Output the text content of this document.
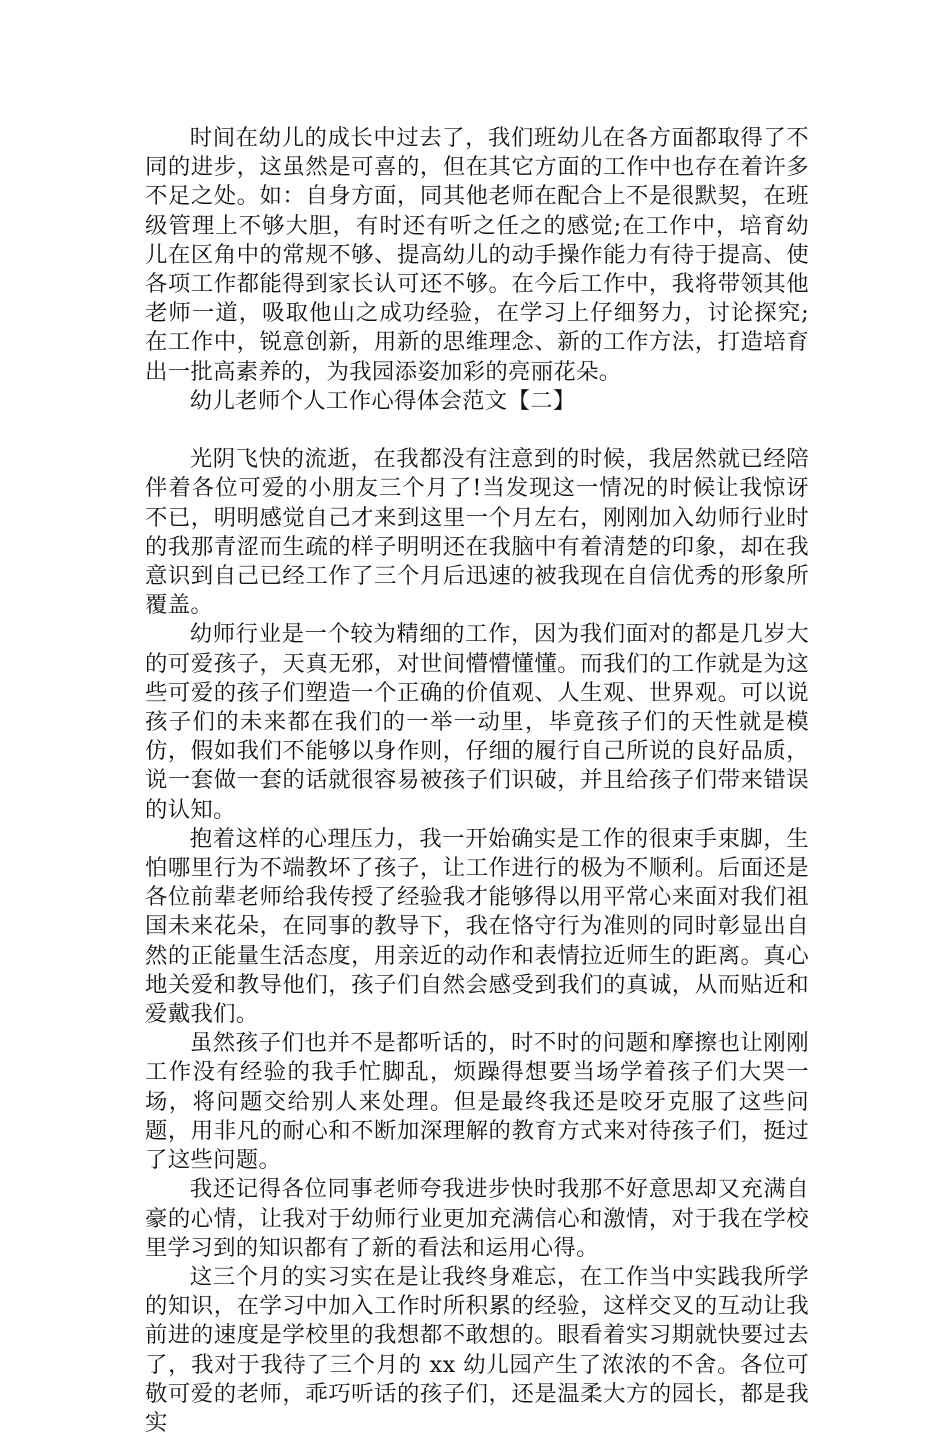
时间在幼儿的成长中过去了，我们班幼儿在各方面都取得了不同的进步，这虽然是可喜的，但在其它方面的工作中也存在着许多不足之处。如：自身方面，同其他老师在配合上不是很默契，在班级管理上不够大胆，有时还有听之任之的感觉;在工作中，培育幼儿在区角中的常规不够、提高幼儿的动手操作能力有待于提高、使各项工作都能得到家长认可还不够。在今后工作中，我将带领其他老师一道，吸取他山之成功经验，在学习上仔细努力，讨论探究;在工作中，锐意创新，用新的思维理念、新的工作方法，打造培育出一批高素养的，为我园添姿加彩的亮丽花朵。

幼儿老师个人工作心得体会范文【二】

光阴飞快的流逝，在我都没有注意到的时候，我居然就已经陪伴着各位可爱的小朋友三个月了!当发现这一情况的时候让我惊讶不已，明明感觉自己才来到这里一个月左右，刚刚加入幼师行业时的我那青涩而生疏的样子明明还在我脑中有着清楚的印象，却在我意识到自己已经工作了三个月后迅速的被我现在自信优秀的形象所覆盖。

幼师行业是一个较为精细的工作，因为我们面对的都是几岁大的可爱孩子，天真无邪，对世间懵懵懂懂。而我们的工作就是为这些可爱的孩子们塑造一个正确的价值观、人生观、世界观。可以说孩子们的未来都在我们的一举一动里，毕竟孩子们的天性就是模仿，假如我们不能够以身作则，仔细的履行自己所说的良好品质，说一套做一套的话就很容易被孩子们识破，并且给孩子们带来错误的认知。

抱着这样的心理压力，我一开始确实是工作的很束手束脚，生怕哪里行为不端教坏了孩子，让工作进行的极为不顺利。后面还是各位前辈老师给我传授了经验我才能够得以用平常心来面对我们祖国未来花朵，在同事的教导下，我在恪守行为准则的同时彰显出自然的正能量生活态度，用亲近的动作和表情拉近师生的距离。真心地关爱和教导他们，孩子们自然会感受到我们的真诚，从而贴近和爱戴我们。

虽然孩子们也并不是都听话的，时不时的问题和摩擦也让刚刚工作没有经验的我手忙脚乱，烦躁得想要当场学着孩子们大哭一场，将问题交给别人来处理。但是最终我还是咬牙克服了这些问题，用非凡的耐心和不断加深理解的教育方式来对待孩子们，挺过了这些问题。

我还记得各位同事老师夸我进步快时我那不好意思却又充满自豪的心情，让我对于幼师行业更加充满信心和激情，对于我在学校里学习到的知识都有了新的看法和运用心得。

这三个月的实习实在是让我终身难忘，在工作当中实践我所学的知识，在学习中加入工作时所积累的经验，这样交叉的互动让我前进的速度是学校里的我想都不敢想的。眼看着实习期就快要过去了，我对于我待了三个月的 xx 幼儿园产生了浓浓的不舍。各位可敬可爱的老师，乖巧听话的孩子们，还是温柔大方的园长，都是我实
